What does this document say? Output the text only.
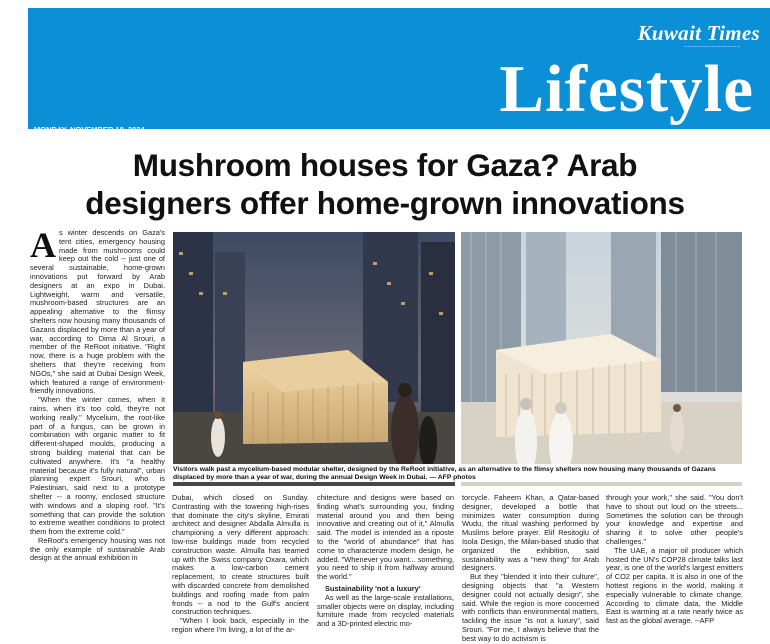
Kuwait Times
~~~~~~~~~~~~~~~~~~
Lifestyle
MONDAY, NOVEMBER 18, 2024
Mushroom houses for Gaza? Arab
designers offer home-grown innovations
A s winter descends on Gaza's tent cities, emergency housing made from mushrooms could keep out the cold -- just one of several sustainable, home-grown innovations put forward by Arab designers at an expo in Dubai. Lightweight, warm and versatile, mushroom-based structures are an appealing alternative to the flimsy shelters now housing many thousands of Gazans displaced by more than a year of war, according to Dima Al Srouri, a member of the ReRoot initiative. "Right now, there is a huge problem with the shelters that they're receiving from NGOs," she said at Dubai Design Week, which featured a range of environment-friendly innovations.

"When the winter comes, when it rains, when it's too cold, they're not working really." Mycelium, the root-like part of a fungus, can be grown in combination with organic matter to fit different-shaped moulds, producing a strong building material that can be cultivated anywhere. It's "a healthy material because it's fully natural", urban planning expert Srouri, who is Palestinian, said next to a prototype shelter -- a roomy, enclosed structure with windows and a sloping roof. "It's something that can provide the solution to extreme weather conditions to protect them from the extreme cold."

ReRoot's emergency housing was not the only example of sustainable Arab design at the annual exhibition in

Visitors walk past a mycelium-based modular shelter, designed by the ReRoot initiative, as an alternative to the flimsy shelters now housing many thousands of Gazans displaced by more than a year of war, during the annual Design Week in Dubai. — AFP photos

Dubai, which closed on Sunday. Contrasting with the towering high-rises that dominate the city's skyline, Emirati architect and designer Abdalla Almulla is championing a very different approach: low-rise buildings made from recycled construction waste. Almulla has teamed up with the Swiss company Oxara, which makes a low-carbon cement replacement, to create structures built with discarded concrete from demolished buildings and roofing made from palm fronds -- a nod to the Gulf's ancient construction techniques.

"When I look back, especially in the region where I'm living, a lot of the ar-

chitecture and designs were based on finding what's surrounding you, finding material around you and then being innovative and creating out of it," Almulla said. The model is intended as a riposte to the "world of abundance" that has come to characterize modern design, he added. "Whenever you want... something, you need to ship it from halfway around the world."

Sustainability 'not a luxury'

As well as the large-scale installations, smaller objects were on display, including furniture made from recycled materials and a 3D-printed electric mo-

torcycle. Faheem Khan, a Qatar-based designer, developed a bottle that minimizes water consumption during Wudu, the ritual washing performed by Muslims before prayer. Elif Resitoglu of Isola Design, the Milan-based studio that organized the exhibition, said sustainability was a "new thing" for Arab designers.

But they "blended it into their culture", designing objects that "a Western designer could not actually design", she said. While the region is more concerned with conflicts than environmental matters, tackling the issue "is not a luxury", said Srouri. "For me, I always believe that the best way to do activism is

through your work," she said. "You don't have to shout out loud on the streets... Sometimes the solution can be through your knowledge and expertise and sharing it to solve other people's challenges."

The UAE, a major oil producer which hosted the UN's COP28 climate talks last year, is one of the world's largest emitters of CO2 per capita. It is also in one of the hottest regions in the world, making it especially vulnerable to climate change. According to climate data, the Middle East is warming at a rate nearly twice as fast as the global average. --AFP
